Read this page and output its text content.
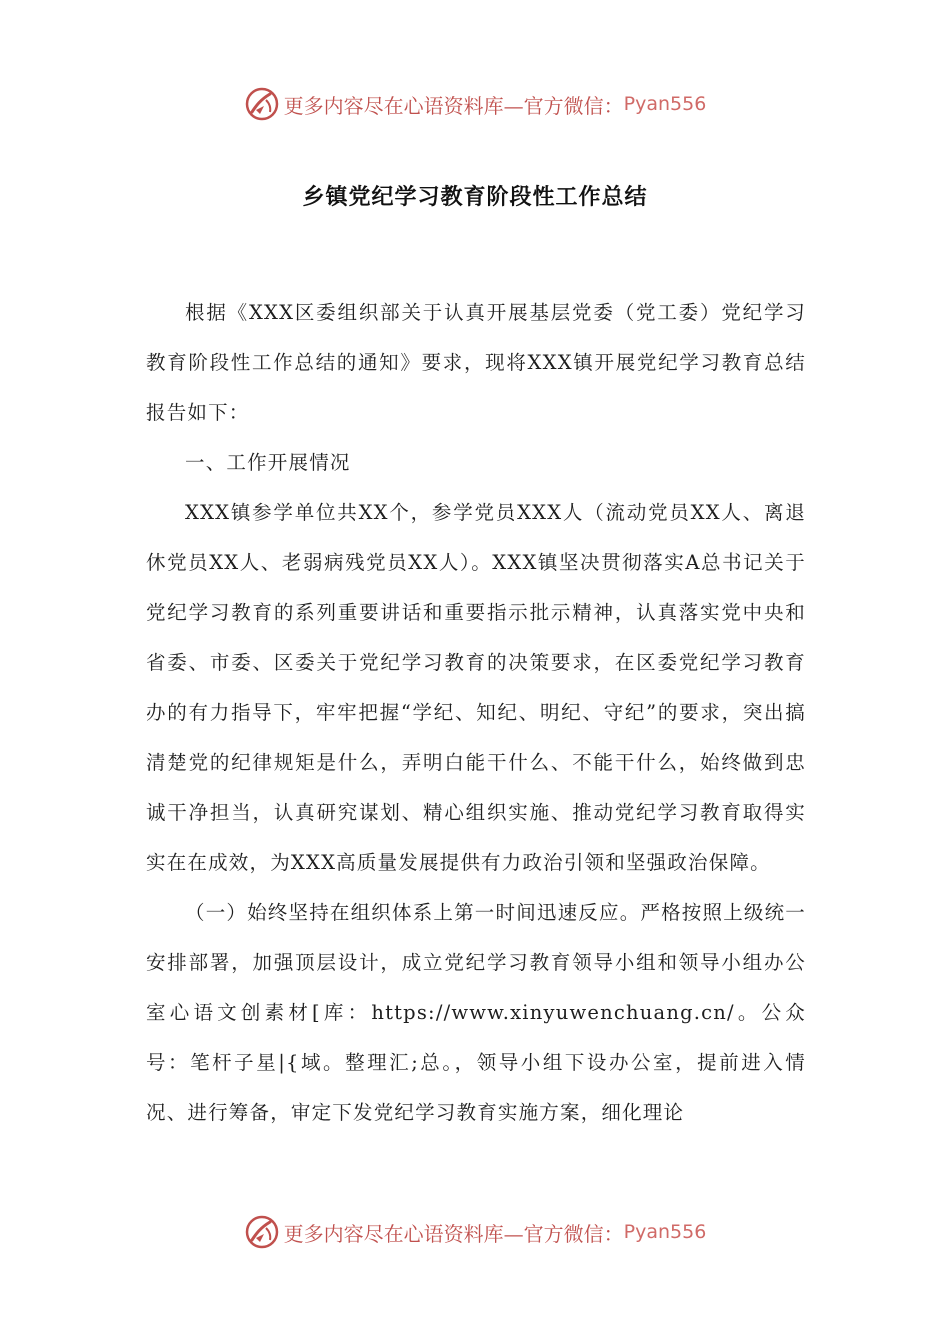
更多内容尽在心语资料库—官方微信： Pyan556
乡镇党纪学习教育阶段性工作总结

根据《XXX区委组织部关于认真开展基层党委（党工委）党纪学习教育阶段性工作总结的通知》要求，现将XXX镇开展党纪学习教育总结报告如下：

一、工作开展情况

XXX镇参学单位共XX个，参学党员XXX人（流动党员XX人、离退休党员XX人、老弱病残党员XX人）。XXX镇坚决贯彻落实A总书记关于党纪学习教育的系列重要讲话和重要指示批示精神，认真落实党中央和省委、市委、区委关于党纪学习教育的决策要求，在区委党纪学习教育办的有力指导下，牢牢把握“学纪、知纪、明纪、守纪”的要求，突出搞清楚党的纪律规矩是什么，弄明白能干什么、不能干什么，始终做到忠诚干净担当，认真研究谋划、精心组织实施、推动党纪学习教育取得实实在在成效，为XXX高质量发展提供有力政治引领和坚强政治保障。

（一）始终坚持在组织体系上第一时间迅速反应。严格按照上级统一安排部署，加强顶层设计，成立党纪学习教育领导小组和领导小组办公室心语文创素材[库：https://www.xinyuwenchuang.cn/。公众号：笔杆子星|{域。整理汇;总。，领导小组下设办公室，提前进入情况、进行筹备，审定下发党纪学习教育实施方案，细化理论

更多内容尽在心语资料库—官方微信： Pyan556
